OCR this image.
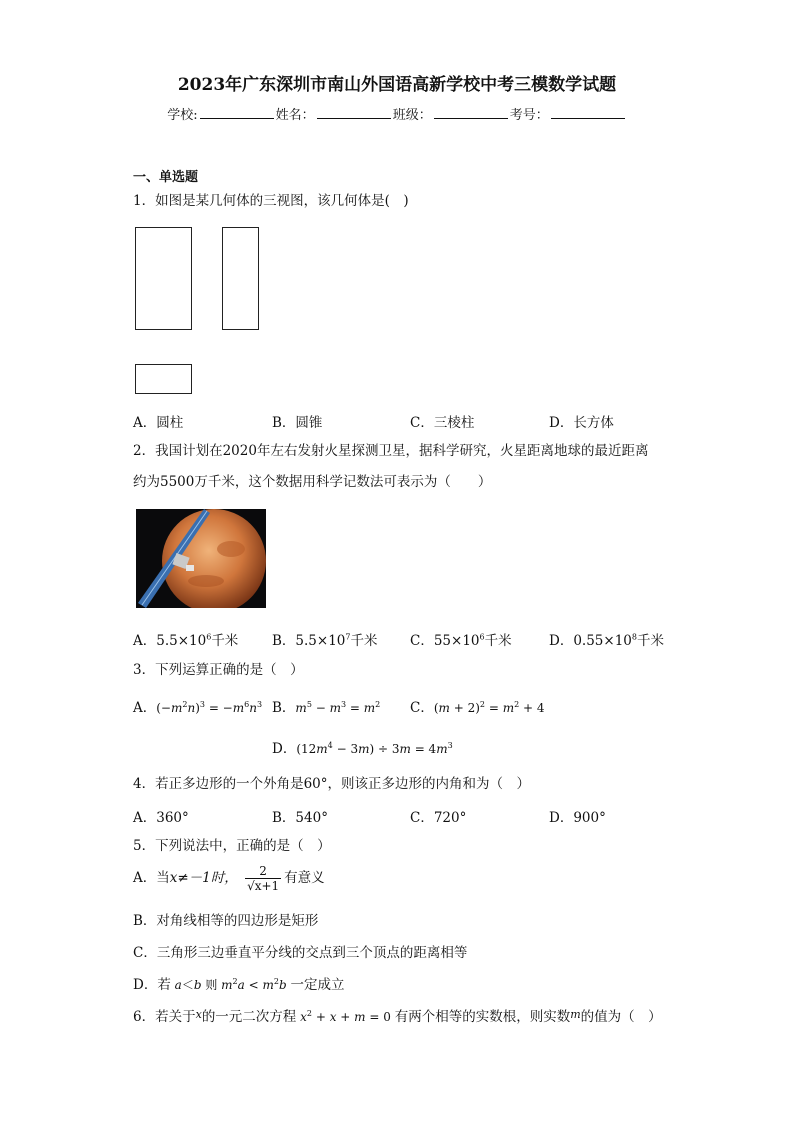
2023年广东深圳市南山外国语高新学校中考三模数学试题
学校:	姓名：	班级：	考号：
一、单选题
1．如图是某几何体的三视图，该几何体是(　)
A．圆柱	B．圆锥	C．三棱柱	D．长方体
2．我国计划在2020年左右发射火星探测卫星，据科学研究，火星距离地球的最近距离
约为5500万千米，这个数据用科学记数法可表示为（　　）
A．$5.5\times 10^6$千米 B．$5.5\times 10^7$千米 C．$55\times 10^6$千米	D．$0.55\times 10^8$千米
3．下列运算正确的是（　）
A．$(-m^2n)^3 = -m^6n^3$ B．$m^5 - m^3 = m^2$ C．$(m + 2)^2 = m^2 + 4$
D．$(12m^4 - 3m) \div 3m = 4m^3$
4．若正多边形的一个外角是60°，则该正多边形的内角和为（　）
A．360°	B．540°	C．720°	D．900°
5．下列说法中，正确的是（　）
A．当x≠－1时， $\frac{2}{√x+1}$ 有意义
B．对角线相等的四边形是矩形
C．三角形三边垂直平分线的交点到三个顶点的距离相等
D．若 a＜b 则 $m^2a < m^2b$ 一定成立
6．若关于$^x$的一元二次方程 $x^2 + x + m = 0$ 有两个相等的实数根，则实数$^m$的值为（　）
